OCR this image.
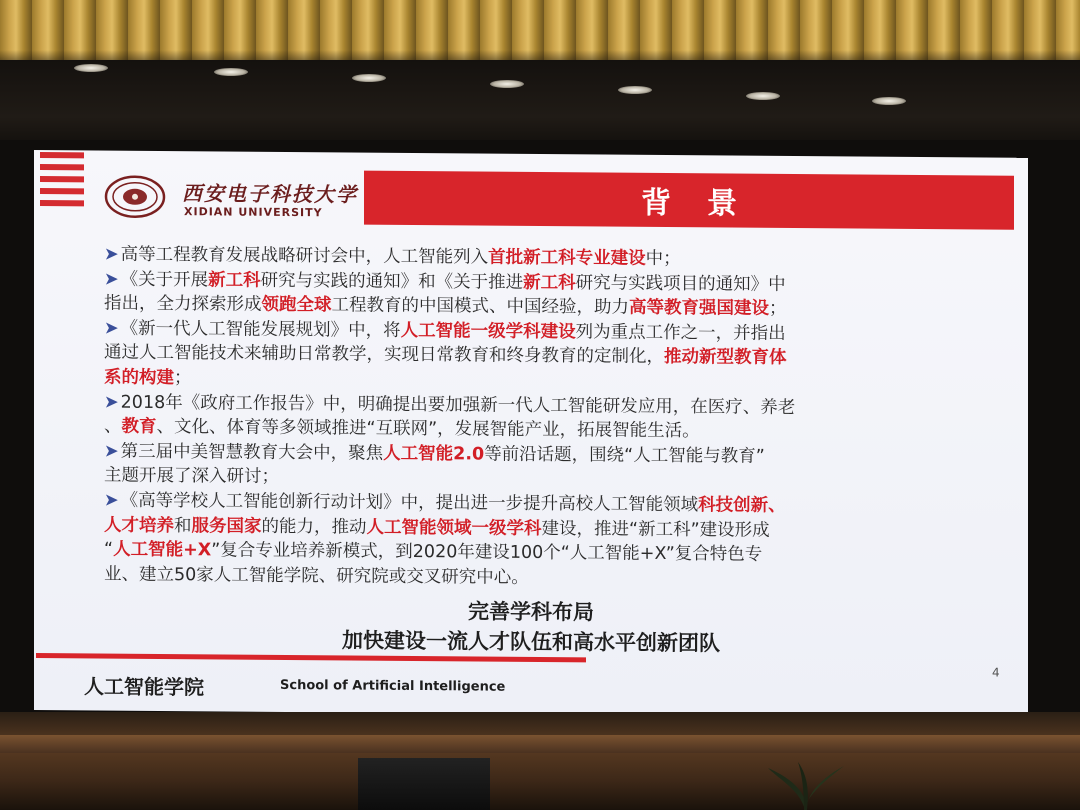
西安电子科技大学
XIDIAN UNIVERSITY	背景
➤ 高等工程教育发展战略研讨会中，人工智能列入首批新工科专业建设中；
➤ 《关于开展新工科研究与实践的通知》和《关于推进新工科研究与实践项目的通知》中
指出，全力探索形成领跑全球工程教育的中国模式、中国经验，助力高等教育强国建设；
➤ 《新一代人工智能发展规划》中，将人工智能一级学科建设列为重点工作之一，并指出
通过人工智能技术来辅助日常教学，实现日常教育和终身教育的定制化，推动新型教育体
系的构建；
➤ 2018年《政府工作报告》中，明确提出要加强新一代人工智能研发应用，在医疗、养老
、教育、文化、体育等多领域推进“互联网”，发展智能产业，拓展智能生活。
➤ 第三届中美智慧教育大会中，聚焦人工智能2.0等前沿话题，围绕“人工智能与教育”
主题开展了深入研讨；
➤ 《高等学校人工智能创新行动计划》中，提出进一步提升高校人工智能领域科技创新、
人才培养和服务国家的能力，推动人工智能领域一级学科建设，推进“新工科”建设形成
“人工智能+X”复合专业培养新模式，到2020年建设100个“人工智能+X”复合特色专
业、建立50家人工智能学院、研究院或交叉研究中心。
完善学科布局
加快建设一流人才队伍和高水平创新团队
4
人工智能学院	School of Artificial Intelligence
